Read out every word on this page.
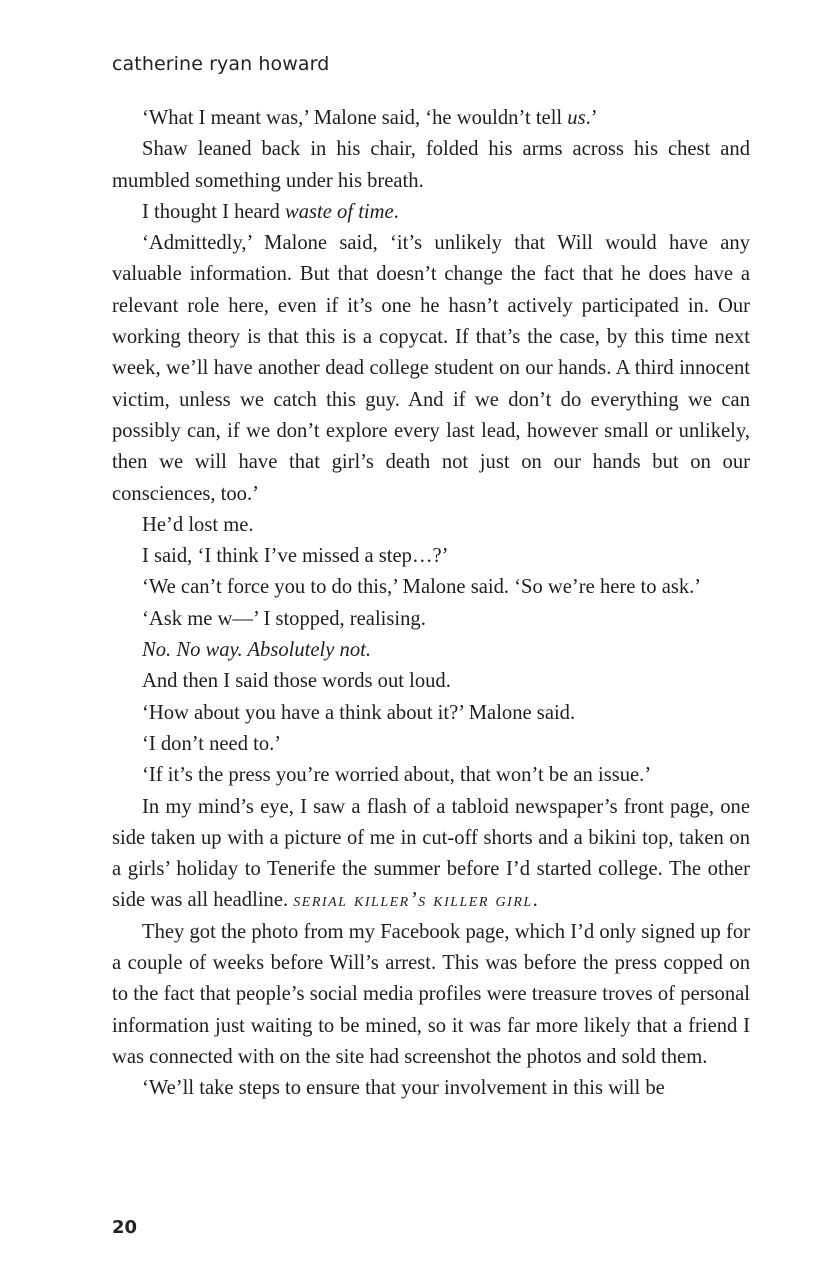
catherine ryan howard

‘What I meant was,’ Malone said, ‘he wouldn’t tell us.’

Shaw leaned back in his chair, folded his arms across his chest and mumbled something under his breath.

I thought I heard waste of time.

‘Admittedly,’ Malone said, ‘it’s unlikely that Will would have any valuable information. But that doesn’t change the fact that he does have a relevant role here, even if it’s one he hasn’t actively participated in. Our working theory is that this is a copycat. If that’s the case, by this time next week, we’ll have another dead college student on our hands. A third innocent victim, unless we catch this guy. And if we don’t do everything we can possibly can, if we don’t explore every last lead, however small or unlikely, then we will have that girl’s death not just on our hands but on our consciences, too.’

He’d lost me.

I said, ‘I think I’ve missed a step…?’

‘We can’t force you to do this,’ Malone said. ‘So we’re here to ask.’

‘Ask me w—’ I stopped, realising.

No. No way. Absolutely not.

And then I said those words out loud.

‘How about you have a think about it?’ Malone said.

‘I don’t need to.’

‘If it’s the press you’re worried about, that won’t be an issue.’

In my mind’s eye, I saw a flash of a tabloid newspaper’s front page, one side taken up with a picture of me in cut-off shorts and a bikini top, taken on a girls’ holiday to Tenerife the summer before I’d started college. The other side was all headline. serial killer’s killer girl.

They got the photo from my Facebook page, which I’d only signed up for a couple of weeks before Will’s arrest. This was before the press copped on to the fact that people’s social media profiles were treasure troves of personal information just waiting to be mined, so it was far more likely that a friend I was connected with on the site had screenshot the photos and sold them.

‘We’ll take steps to ensure that your involvement in this will be

20
